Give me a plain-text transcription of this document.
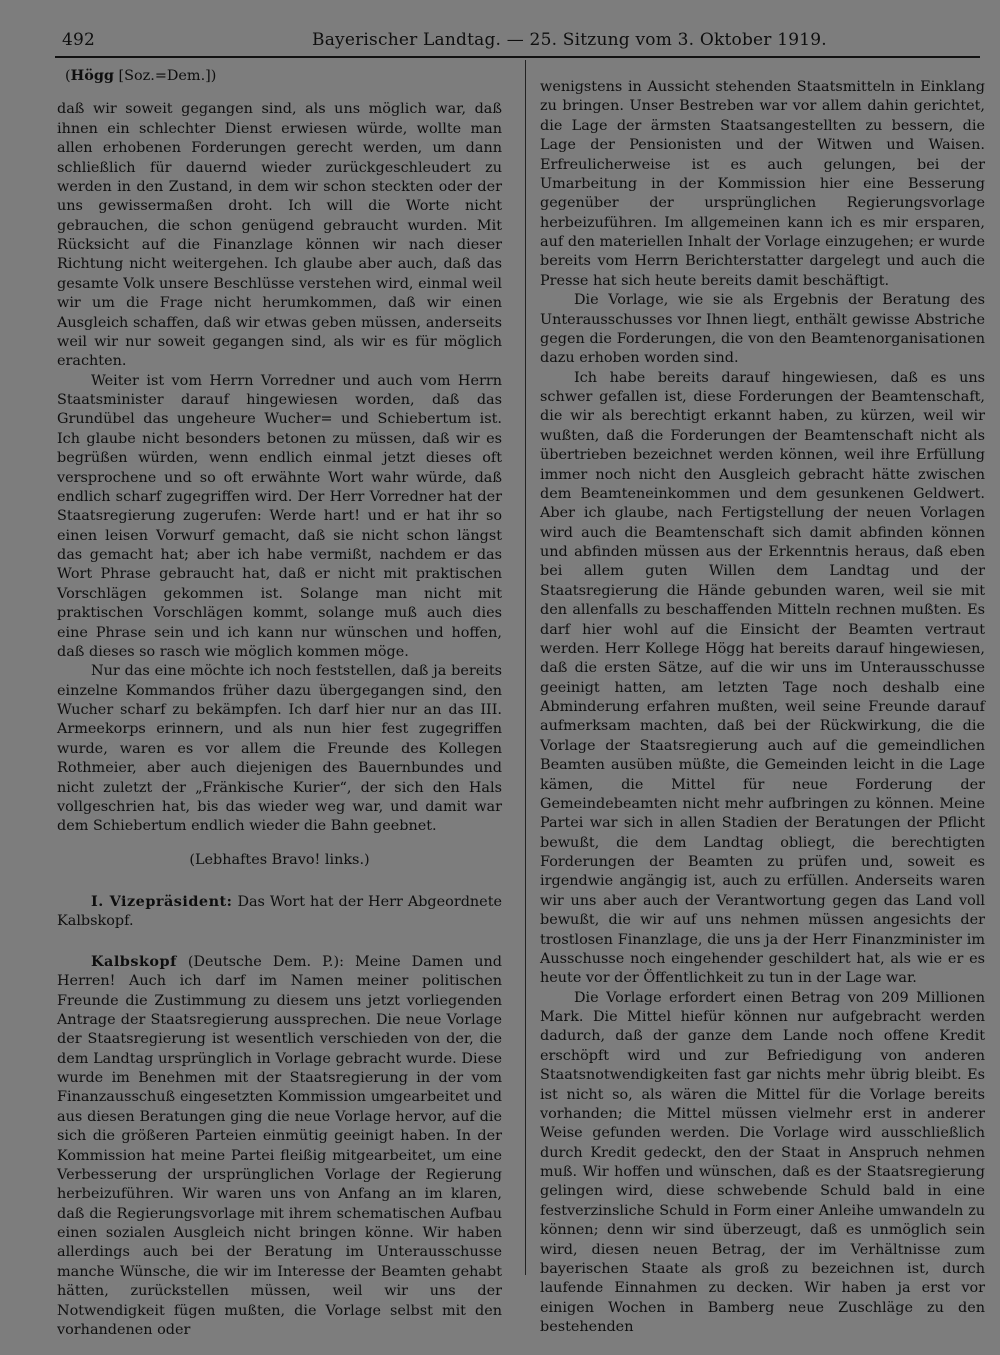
492	Bayerischer Landtag. — 25. Sitzung vom 3. Oktober 1919.

(Högg [Soz.=Dem.])

daß wir soweit gegangen sind, als uns möglich war, daß ihnen ein schlechter Dienst erwiesen würde, wollte man allen erhobenen Forderungen gerecht werden, um dann schließlich für dauernd wieder zurückgeschleudert zu werden in den Zustand, in dem wir schon steckten oder der uns gewissermaßen droht. Ich will die Worte nicht gebrauchen, die schon genügend gebraucht wurden. Mit Rücksicht auf die Finanzlage können wir nach dieser Richtung nicht weitergehen. Ich glaube aber auch, daß das gesamte Volk unsere Beschlüsse verstehen wird, einmal weil wir um die Frage nicht herumkommen, daß wir einen Ausgleich schaffen, daß wir etwas geben müssen, anderseits weil wir nur soweit gegangen sind, als wir es für möglich erachten.

Weiter ist vom Herrn Vorredner und auch vom Herrn Staatsminister darauf hingewiesen worden, daß das Grundübel das ungeheure Wucher= und Schiebertum ist. Ich glaube nicht besonders betonen zu müssen, daß wir es begrüßen würden, wenn endlich einmal jetzt dieses oft versprochene und so oft erwähnte Wort wahr würde, daß endlich scharf zugegriffen wird. Der Herr Vorredner hat der Staatsregierung zugerufen: Werde hart! und er hat ihr so einen leisen Vorwurf gemacht, daß sie nicht schon längst das gemacht hat; aber ich habe vermißt, nachdem er das Wort Phrase gebraucht hat, daß er nicht mit praktischen Vorschlägen gekommen ist. Solange man nicht mit praktischen Vorschlägen kommt, solange muß auch dies eine Phrase sein und ich kann nur wünschen und hoffen, daß dieses so rasch wie möglich kommen möge.

Nur das eine möchte ich noch feststellen, daß ja bereits einzelne Kommandos früher dazu übergegangen sind, den Wucher scharf zu bekämpfen. Ich darf hier nur an das III. Armeekorps erinnern, und als nun hier fest zugegriffen wurde, waren es vor allem die Freunde des Kollegen Rothmeier, aber auch diejenigen des Bauernbundes und nicht zuletzt der „Fränkische Kurier“, der sich den Hals vollgeschrien hat, bis das wieder weg war, und damit war dem Schiebertum endlich wieder die Bahn geebnet.

(Lebhaftes Bravo! links.)

I. Vizepräsident: Das Wort hat der Herr Abgeordnete Kalbskopf.

Kalbskopf (Deutsche Dem. P.): Meine Damen und Herren! Auch ich darf im Namen meiner politischen Freunde die Zustimmung zu diesem uns jetzt vorliegenden Antrage der Staatsregierung aussprechen. Die neue Vorlage der Staatsregierung ist wesentlich verschieden von der, die dem Landtag ursprünglich in Vorlage gebracht wurde. Diese wurde im Benehmen mit der Staatsregierung in der vom Finanzausschuß eingesetzten Kommission umgearbeitet und aus diesen Beratungen ging die neue Vorlage hervor, auf die sich die größeren Parteien einmütig geeinigt haben. In der Kommission hat meine Partei fleißig mitgearbeitet, um eine Verbesserung der ursprünglichen Vorlage der Regierung herbeizuführen. Wir waren uns von Anfang an im klaren, daß die Regierungsvorlage mit ihrem schematischen Aufbau einen sozialen Ausgleich nicht bringen könne. Wir haben allerdings auch bei der Beratung im Unterausschusse manche Wünsche, die wir im Interesse der Beamten gehabt hätten, zurückstellen müssen, weil wir uns der Notwendigkeit fügen mußten, die Vorlage selbst mit den vorhandenen oder

wenigstens in Aussicht stehenden Staatsmitteln in Einklang zu bringen. Unser Bestreben war vor allem dahin gerichtet, die Lage der ärmsten Staatsangestellten zu bessern, die Lage der Pensionisten und der Witwen und Waisen. Erfreulicherweise ist es auch gelungen, bei der Umarbeitung in der Kommission hier eine Besserung gegenüber der ursprünglichen Regierungsvorlage herbeizuführen. Im allgemeinen kann ich es mir ersparen, auf den materiellen Inhalt der Vorlage einzugehen; er wurde bereits vom Herrn Berichterstatter dargelegt und auch die Presse hat sich heute bereits damit beschäftigt.

Die Vorlage, wie sie als Ergebnis der Beratung des Unterausschusses vor Ihnen liegt, enthält gewisse Abstriche gegen die Forderungen, die von den Beamtenorganisationen dazu erhoben worden sind.

Ich habe bereits darauf hingewiesen, daß es uns schwer gefallen ist, diese Forderungen der Beamtenschaft, die wir als berechtigt erkannt haben, zu kürzen, weil wir wußten, daß die Forderungen der Beamtenschaft nicht als übertrieben bezeichnet werden können, weil ihre Erfüllung immer noch nicht den Ausgleich gebracht hätte zwischen dem Beamteneinkommen und dem gesunkenen Geldwert. Aber ich glaube, nach Fertigstellung der neuen Vorlagen wird auch die Beamtenschaft sich damit abfinden können und abfinden müssen aus der Erkenntnis heraus, daß eben bei allem guten Willen dem Landtag und der Staatsregierung die Hände gebunden waren, weil sie mit den allenfalls zu beschaffenden Mitteln rechnen mußten. Es darf hier wohl auf die Einsicht der Beamten vertraut werden. Herr Kollege Högg hat bereits darauf hingewiesen, daß die ersten Sätze, auf die wir uns im Unterausschusse geeinigt hatten, am letzten Tage noch deshalb eine Abminderung erfahren mußten, weil seine Freunde darauf aufmerksam machten, daß bei der Rückwirkung, die die Vorlage der Staatsregierung auch auf die gemeindlichen Beamten ausüben müßte, die Gemeinden leicht in die Lage kämen, die Mittel für neue Forderung der Gemeindebeamten nicht mehr aufbringen zu können. Meine Partei war sich in allen Stadien der Beratungen der Pflicht bewußt, die dem Landtag obliegt, die berechtigten Forderungen der Beamten zu prüfen und, soweit es irgendwie angängig ist, auch zu erfüllen. Anderseits waren wir uns aber auch der Verantwortung gegen das Land voll bewußt, die wir auf uns nehmen müssen angesichts der trostlosen Finanzlage, die uns ja der Herr Finanzminister im Ausschusse noch eingehender geschildert hat, als wie er es heute vor der Öffentlichkeit zu tun in der Lage war.

Die Vorlage erfordert einen Betrag von 209 Millionen Mark. Die Mittel hiefür können nur aufgebracht werden dadurch, daß der ganze dem Lande noch offene Kredit erschöpft wird und zur Befriedigung von anderen Staatsnotwendigkeiten fast gar nichts mehr übrig bleibt. Es ist nicht so, als wären die Mittel für die Vorlage bereits vorhanden; die Mittel müssen vielmehr erst in anderer Weise gefunden werden. Die Vorlage wird ausschließlich durch Kredit gedeckt, den der Staat in Anspruch nehmen muß. Wir hoffen und wünschen, daß es der Staatsregierung gelingen wird, diese schwebende Schuld bald in eine festverzinsliche Schuld in Form einer Anleihe umwandeln zu können; denn wir sind überzeugt, daß es unmöglich sein wird, diesen neuen Betrag, der im Verhältnisse zum bayerischen Staate als groß zu bezeichnen ist, durch laufende Einnahmen zu decken. Wir haben ja erst vor einigen Wochen in Bamberg neue Zuschläge zu den bestehenden
